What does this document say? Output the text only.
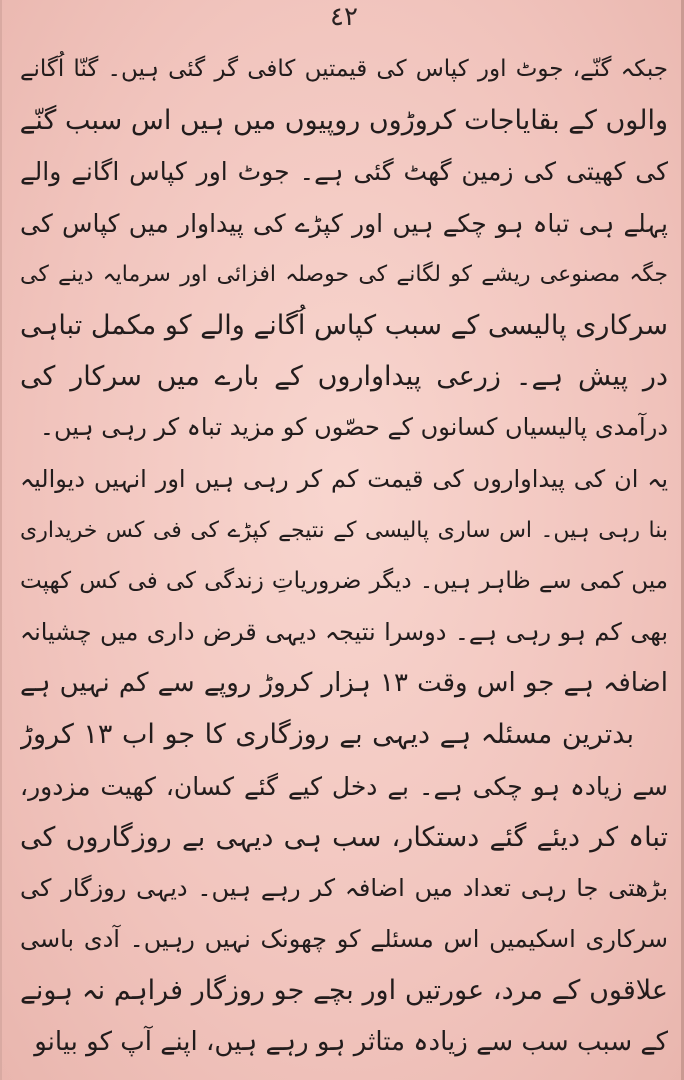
٤٢
جبکہ گنّے، جوٹ اور کپاس کی قیمتیں کافی گر گئی ہیں۔ گنّا اُگانے
والوں کے بقایاجات کروڑوں روپیوں میں ہیں اس سبب گنّے
کی کھیتی کی زمین گھٹ گئی ہے۔ جوٹ اور کپاس اگانے والے
پہلے ہی تباہ ہو چکے ہیں اور کپڑے کی پیداوار میں کپاس کی
جگہ مصنوعی ریشے کو لگانے کی حوصلہ افزائی اور سرمایہ دینے کی
سرکاری پالیسی کے سبب کپاس اُگانے والے کو مکمل تباہی
در پیش ہے۔ زرعی پیداواروں کے بارے میں سرکار کی
درآمدی پالیسیاں کسانوں کے حصّوں کو مزید تباہ کر رہی ہیں۔
یہ ان کی پیداواروں کی قیمت کم کر رہی ہیں اور انہیں دیوالیہ
بنا رہی ہیں۔ اس ساری پالیسی کے نتیجے کپڑے کی فی کس خریداری
میں کمی سے ظاہر ہیں۔ دیگر ضروریاتِ زندگی کی فی کس کھپت
بھی کم ہو رہی ہے۔ دوسرا نتیجہ دیہی قرض داری میں چشیانہ
اضافہ ہے جو اس وقت ۱۳ ہزار کروڑ روپے سے کم نہیں ہے
بدترین مسئلہ ہے دیہی بے روزگاری کا جو اب ۱۳ کروڑ
سے زیادہ ہو چکی ہے۔ بے دخل کیے گئے کسان، کھیت مزدور،
تباہ کر دیئے گئے دستکار، سب ہی دیہی بے روزگاروں کی
بڑھتی جا رہی تعداد میں اضافہ کر رہے ہیں۔ دیہی روزگار کی
سرکاری اسکیمیں اس مسئلے کو چھونک نہیں رہیں۔ آدی باسی
علاقوں کے مرد، عورتیں اور بچے جو روزگار فراہم نہ ہونے
کے سبب سب سے زیادہ متاثر ہو رہے ہیں، اپنے آپ کو بیانو
